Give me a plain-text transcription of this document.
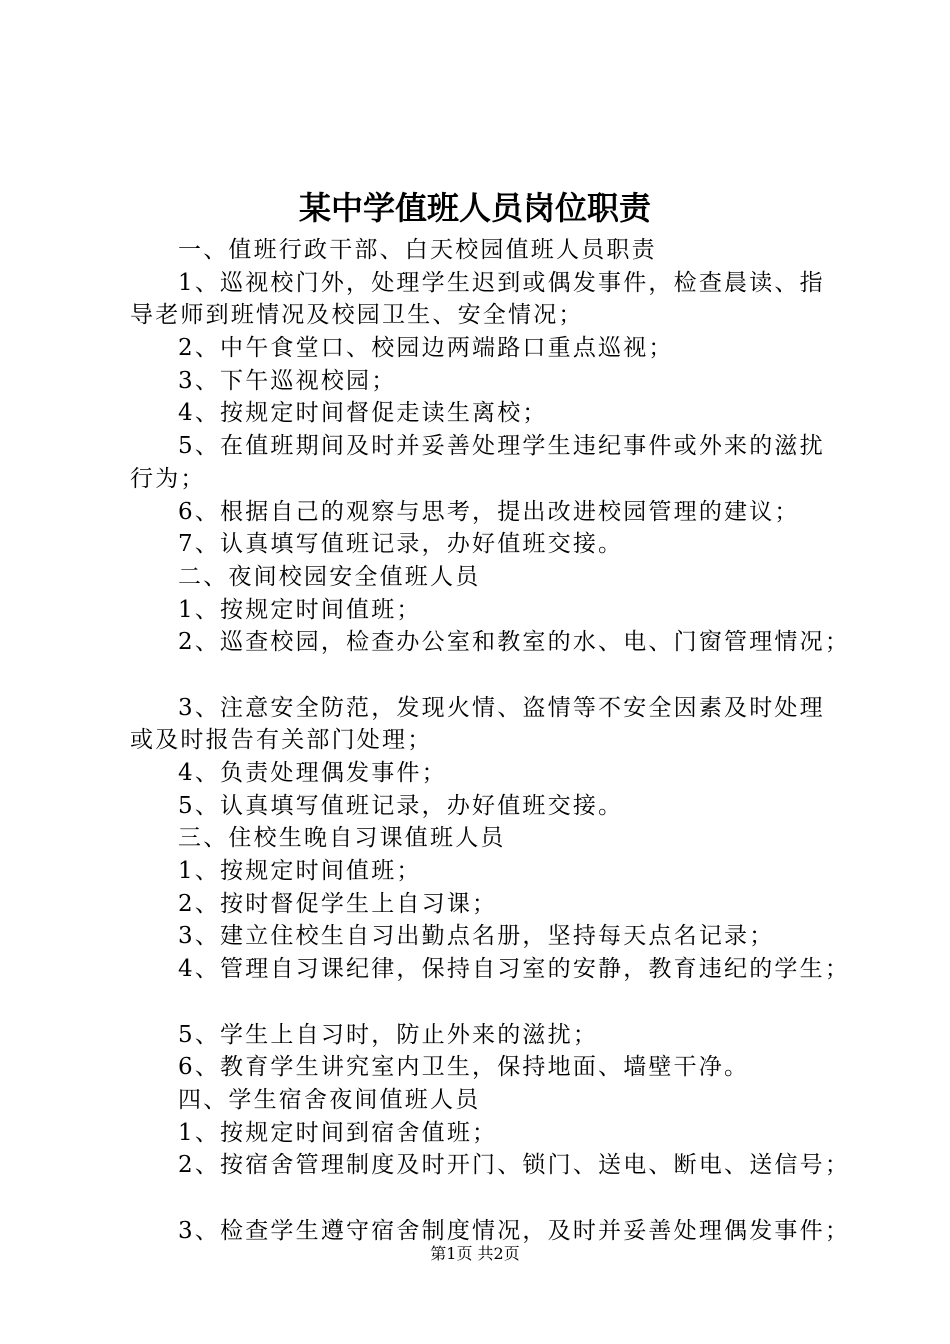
某中学值班人员岗位职责
一、值班行政干部、白天校园值班人员职责
1、巡视校门外，处理学生迟到或偶发事件，检查晨读、指
导老师到班情况及校园卫生、安全情况；
2、中午食堂口、校园边两端路口重点巡视；
3、下午巡视校园；
4、按规定时间督促走读生离校；
5、在值班期间及时并妥善处理学生违纪事件或外来的滋扰
行为；
6、根据自己的观察与思考，提出改进校园管理的建议；
7、认真填写值班记录，办好值班交接。
二、夜间校园安全值班人员
1、按规定时间值班；
2、巡查校园，检查办公室和教室的水、电、门窗管理情况；
3、注意安全防范，发现火情、盗情等不安全因素及时处理
或及时报告有关部门处理；
4、负责处理偶发事件；
5、认真填写值班记录，办好值班交接。
三、住校生晚自习课值班人员
1、按规定时间值班；
2、按时督促学生上自习课；
3、建立住校生自习出勤点名册，坚持每天点名记录；
4、管理自习课纪律，保持自习室的安静，教育违纪的学生；
5、学生上自习时，防止外来的滋扰；
6、教育学生讲究室内卫生，保持地面、墙壁干净。
四、学生宿舍夜间值班人员
1、按规定时间到宿舍值班；
2、按宿舍管理制度及时开门、锁门、送电、断电、送信号；
3、检查学生遵守宿舍制度情况，及时并妥善处理偶发事件；
第1页 共2页
